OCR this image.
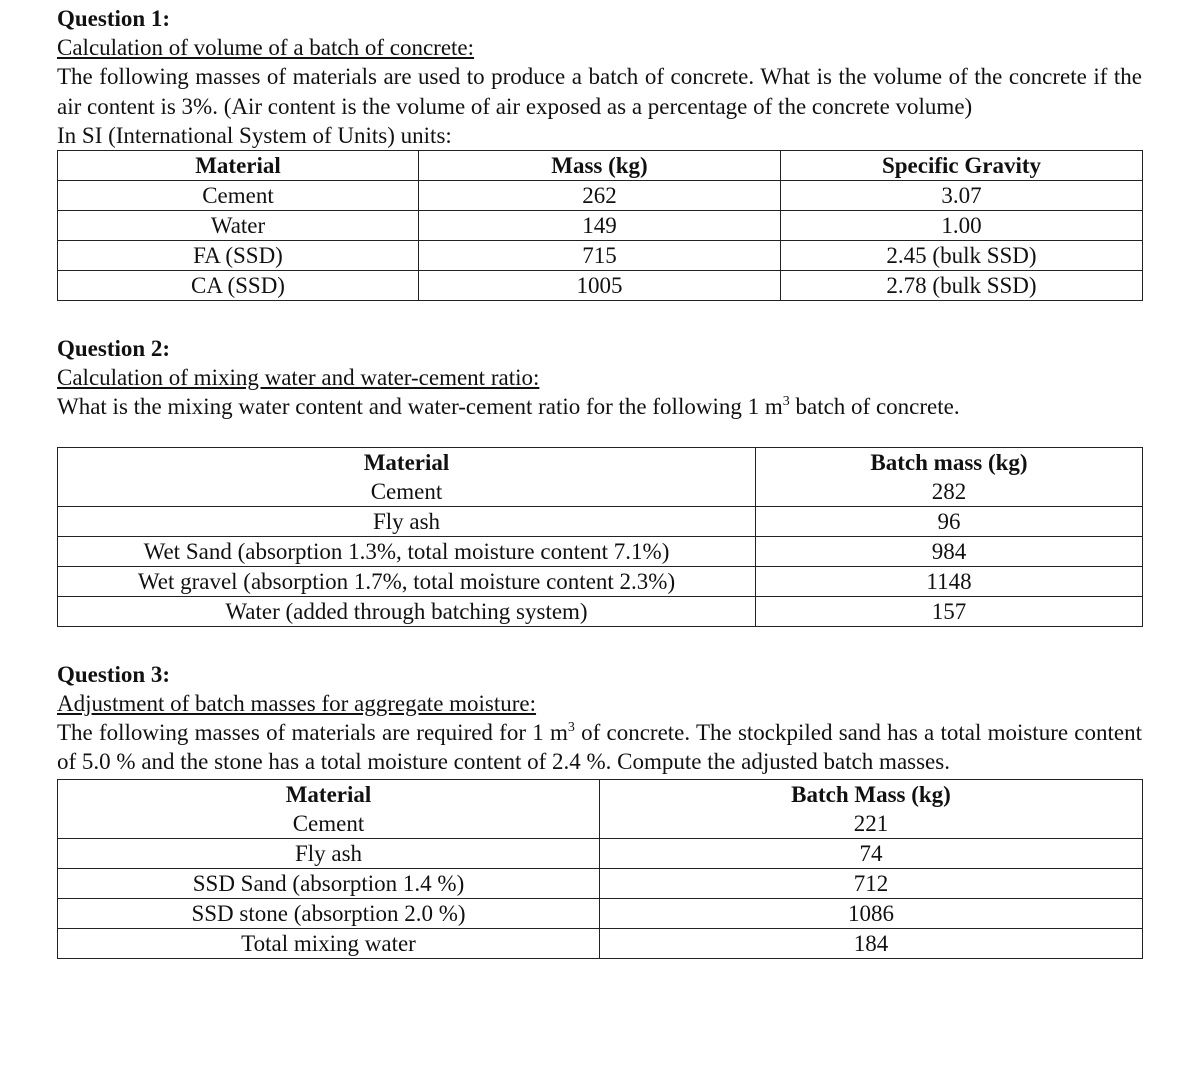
Question 1:

Calculation of volume of a batch of concrete:

The following masses of materials are used to produce a batch of concrete. What is the volume of the concrete if the air content is 3%. (Air content is the volume of air exposed as a percentage of the concrete volume)

In SI (International System of Units) units:

Material	Mass (kg)	Specific Gravity
Cement	262	3.07
Water	149	1.00
FA (SSD)	715	2.45 (bulk SSD)
CA (SSD)	1005	2.78 (bulk SSD)

Question 2:

Calculation of mixing water and water-cement ratio:

What is the mixing water content and water-cement ratio for the following 1 $m^3$ batch of concrete.

Material	Batch mass (kg)
Cement	282
Fly ash	96
Wet Sand (absorption 1.3%, total moisture content 7.1%)	984
Wet gravel (absorption 1.7%, total moisture content 2.3%)	1148
Water (added through batching system)	157

Question 3:

Adjustment of batch masses for aggregate moisture:

The following masses of materials are required for 1 $m^3$ of concrete. The stockpiled sand has a total moisture content of 5.0 % and the stone has a total moisture content of 2.4 %. Compute the adjusted batch masses.

Material	Batch Mass (kg)
Cement	221
Fly ash	74
SSD Sand (absorption 1.4 %)	712
SSD stone (absorption 2.0 %)	1086
Total mixing water	184
